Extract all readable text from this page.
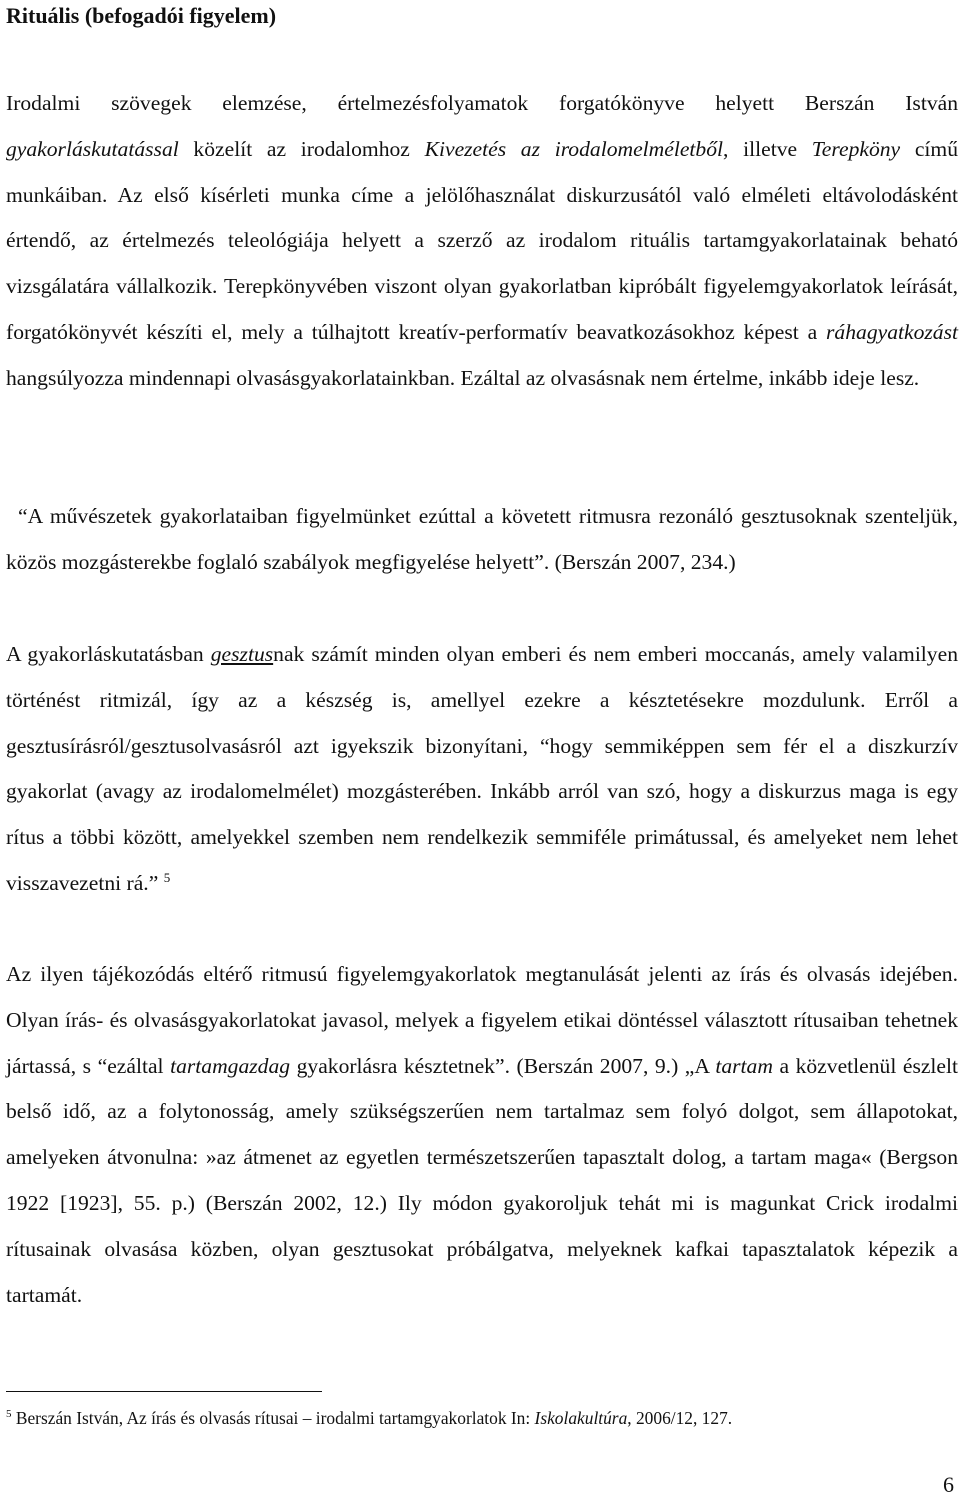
Rituális (befogadói figyelem)

Irodalmi szövegek elemzése, értelmezésfolyamatok forgatókönyve helyett Berszán István gyakorláskutatással közelít az irodalomhoz Kivezetés az irodalomelméletből, illetve Terepköny című munkáiban. Az első kísérleti munka címe a jelölőhasználat diskurzusától való elméleti eltávolodásként értendő, az értelmezés teleológiája helyett a szerző az irodalom rituális tartamgyakorlatainak beható vizsgálatára vállalkozik. Terepkönyvében viszont olyan gyakorlatban kipróbált figyelemgyakorlatok leírását, forgatókönyvét készíti el, mely a túlhajtott kreatív-performatív beavatkozásokhoz képest a ráhagyatkozást hangsúlyozza mindennapi olvasásgyakorlatainkban. Ezáltal az olvasásnak nem értelme, inkább ideje lesz.

“A művészetek gyakorlataiban figyelmünket ezúttal a követett ritmusra rezonáló gesztusoknak szenteljük, közös mozgásterekbe foglaló szabályok megfigyelése helyett”. (Berszán 2007, 234.)

A gyakorláskutatásban gesztusnak számít minden olyan emberi és nem emberi moccanás, amely valamilyen történést ritmizál, így az a készség is, amellyel ezekre a késztetésekre mozdulunk. Erről a gesztusírásról/gesztusolvasásról azt igyekszik bizonyítani, “hogy semmiképpen sem fér el a diszkurzív gyakorlat (avagy az irodalomelmélet) mozgásterében. Inkább arról van szó, hogy a diskurzus maga is egy rítus a többi között, amelyekkel szemben nem rendelkezik semmiféle primátussal, és amelyeket nem lehet visszavezetni rá.” $^5$

Az ilyen tájékozódás eltérő ritmusú figyelemgyakorlatok megtanulását jelenti az írás és olvasás idejében. Olyan írás- és olvasásgyakorlatokat javasol, melyek a figyelem etikai döntéssel választott rítusaiban tehetnek jártassá, s “ezáltal tartamgazdag gyakorlásra késztetnek”. (Berszán 2007, 9.) „A tartam a közvetlenül észlelt belső idő, az a folytonosság, amely szükségszerűen nem tartalmaz sem folyó dolgot, sem állapotokat, amelyeken átvonulna: »az átmenet az egyetlen természetszerűen tapasztalt dolog, a tartam maga« (Bergson 1922 [1923], 55. p.) (Berszán 2002, 12.) Ily módon gyakoroljuk tehát mi is magunkat Crick irodalmi rítusainak olvasása közben, olyan gesztusokat próbálgatva, melyeknek kafkai tapasztalatok képezik a tartamát.

$^5$ Berszán István, Az írás és olvasás rítusai – irodalmi tartamgyakorlatok In: Iskolakultúra, 2006/12, 127.
6
